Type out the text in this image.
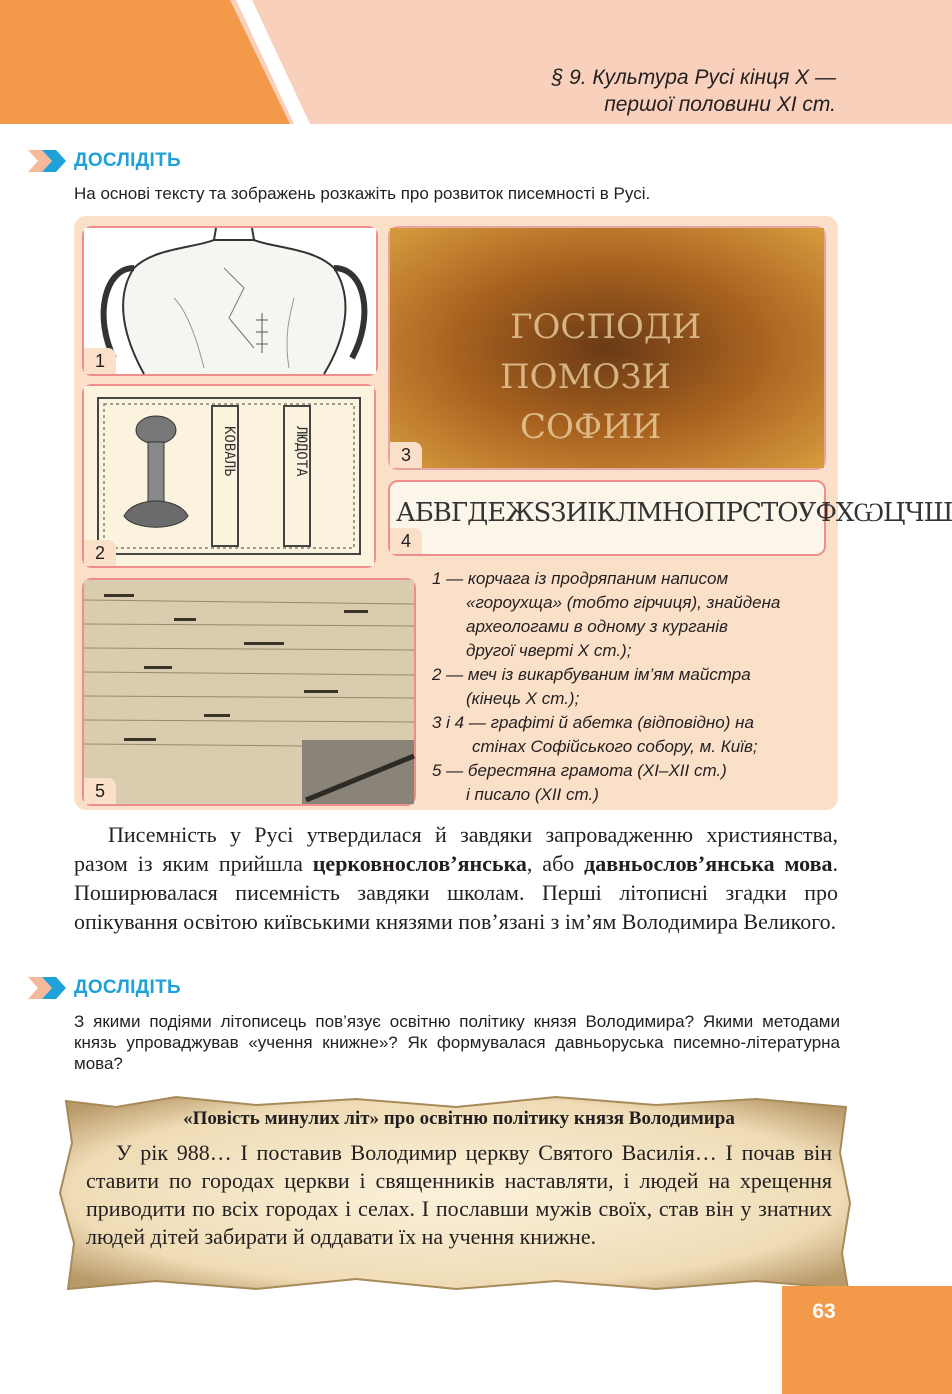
§ 9. Культура Русі кінця Х —
першої половини ХІ ст.
ДОСЛІДІТЬ
На основі тексту та зображень розкажіть про розвиток писемності в Русі.
1
КОВАЛЬ	ЛЮДОТА
2
ГОСПОДИ
ПОМОЗИ
СОФИИ
3
АБВГДЕЖЅЗИІКЛМНОПРСТОУФХѠЦЧШ
4
5

1 — корчага із продряпаним написом

«гороухща» (тобто гірчиця), знайдена

археологами в одному з курганів

другої чверті Х ст.);

2 — меч із викарбуваним ім’ям майстра

(кінець Х ст.);

3 і 4 — графіті й абетка (відповідно) на

стінах Софійського собору, м. Київ;

5 — берестяна грамота (ХІ–ХІІ ст.)

і писало (ХІІ ст.)

Писемність у Русі утвердилася й завдяки запровадженню християнства, разом із яким прийшла церковнослов’янська, або давньослов’янська мова. Поширювалася писемність завдяки школам. Перші літописні згадки про опікування освітою київськими князями пов’язані з ім’ям Володимира Великого.

ДОСЛІДІТЬ
З якими подіями літописець пов’язує освітню політику князя Володимира? Якими методами князь упроваджував «учення книжне»? Як формувалася давньоруська писемно-літературна мова?
«Повість минулих літ» про освітню політику князя Володимира

У рік 988… І поставив Володимир церкву Святого Василія… І почав він ставити по городах церкви і священників наставляти, і людей на хрещення приводити по всіх городах і селах. І пославши мужів своїх, став він у знатних людей дітей забирати й оддавати їх на учення книжне.

63
